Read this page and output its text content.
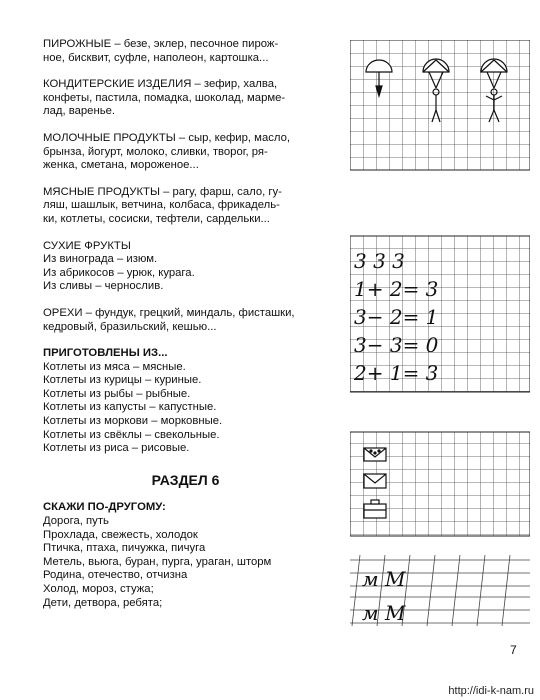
ПИРОЖНЫЕ – безе, эклер, песочное пирож-

ное, бисквит, суфле, наполеон, картошка...

КОНДИТЕРСКИЕ ИЗДЕЛИЯ – зефир, халва,

конфеты, пастила, помадка, шоколад, мармe-

лад, варенье.

МОЛОЧНЫЕ ПРОДУКТЫ – сыр, кефир, масло,

брынза, йогурт, молоко, сливки, творог, ря-

женка, сметана, мороженое...

МЯСНЫЕ ПРОДУКТЫ – рагу, фарш, сало, гу-

ляш, шашлык, ветчина, колбаса, фрикадель-

ки, котлеты, сосиски, тефтели, сардельки...

СУХИЕ ФРУКТЫ

Из винограда – изюм.

Из абрикосов – урюк, курага.

Из сливы – чернослив.

ОРЕХИ – фундук, грецкий, миндаль, фисташки,

кедровый, бразильский, кешью...

ПРИГОТОВЛЕНЫ ИЗ...

Котлеты из мяса – мясные.

Котлеты из курицы – куриные.

Котлеты из рыбы – рыбные.

Котлеты из капусты – капустные.

Котлеты из моркови – морковные.

Котлеты из свёклы – свекольные.

Котлеты из риса – рисовые.

РАЗДЕЛ 6

СКАЖИ ПО-ДРУГОМУ:

Дорога, путь

Прохлада, свежесть, холодок

Птичка, птаха, пичужка, пичуга

Метель, вьюга, буран, пурга, ураган, шторм

Родина, отечество, отчизна

Холод, мороз, стужа;

Дети, детвора, ребята;

3 3 3
1+ 2= 3
3− 2= 1
3− 3= 0
2+ 1= 3
м М
м М
7
http://idi-k-nam.ru
